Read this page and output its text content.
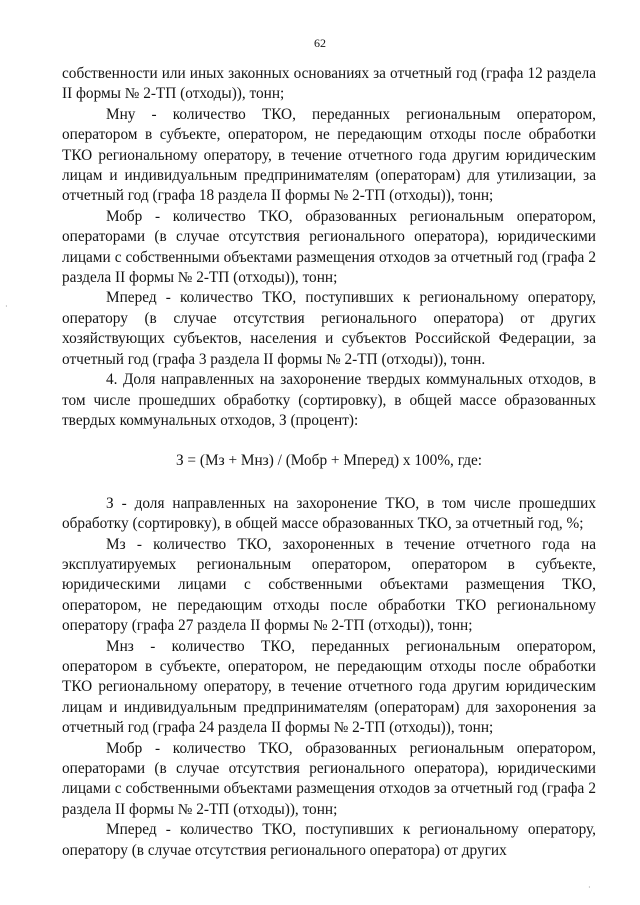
62

собственности или иных законных основаниях за отчетный год (графа 12 раздела II формы № 2-ТП (отходы)), тонн;

Мну - количество ТКО, переданных региональным оператором, оператором в субъекте, оператором, не передающим отходы после обработки ТКО региональному оператору, в течение отчетного года другим юридическим лицам и индивидуальным предпринимателям (операторам) для утилизации, за отчетный год (графа 18 раздела II формы № 2-ТП (отходы)), тонн;

Мобр - количество ТКО, образованных региональным оператором, операторами (в случае отсутствия регионального оператора), юридическими лицами с собственными объектами размещения отходов за отчетный год (графа 2 раздела II формы № 2-ТП (отходы)), тонн;

Мперед - количество ТКО, поступивших к региональному оператору, оператору (в случае отсутствия регионального оператора) от других хозяйствующих субъектов, населения и субъектов Российской Федерации, за отчетный год (графа 3 раздела II формы № 2-ТП (отходы)), тонн.

4. Доля направленных на захоронение твердых коммунальных отходов, в том числе прошедших обработку (сортировку), в общей массе образованных твердых коммунальных отходов, З (процент):

З = (Мз + Мнз) / (Мобр + Мперед) х 100%, где:

З - доля направленных на захоронение ТКО, в том числе прошедших обработку (сортировку), в общей массе образованных ТКО, за отчетный год, %;

Мз - количество ТКО, захороненных в течение отчетного года на эксплуатируемых региональным оператором, оператором в субъекте, юридическими лицами с собственными объектами размещения ТКО, оператором, не передающим отходы после обработки ТКО региональному оператору (графа 27 раздела II формы № 2-ТП (отходы)), тонн;

Мнз - количество ТКО, переданных региональным оператором, оператором в субъекте, оператором, не передающим отходы после обработки ТКО региональному оператору, в течение отчетного года другим юридическим лицам и индивидуальным предпринимателям (операторам) для захоронения за отчетный год (графа 24 раздела II формы № 2-ТП (отходы)), тонн;

Мобр - количество ТКО, образованных региональным оператором, операторами (в случае отсутствия регионального оператора), юридическими лицами с собственными объектами размещения отходов за отчетный год (графа 2 раздела II формы № 2-ТП (отходы)), тонн;

Мперед - количество ТКО, поступивших к региональному оператору, оператору (в случае отсутствия регионального оператора) от других

·
·
